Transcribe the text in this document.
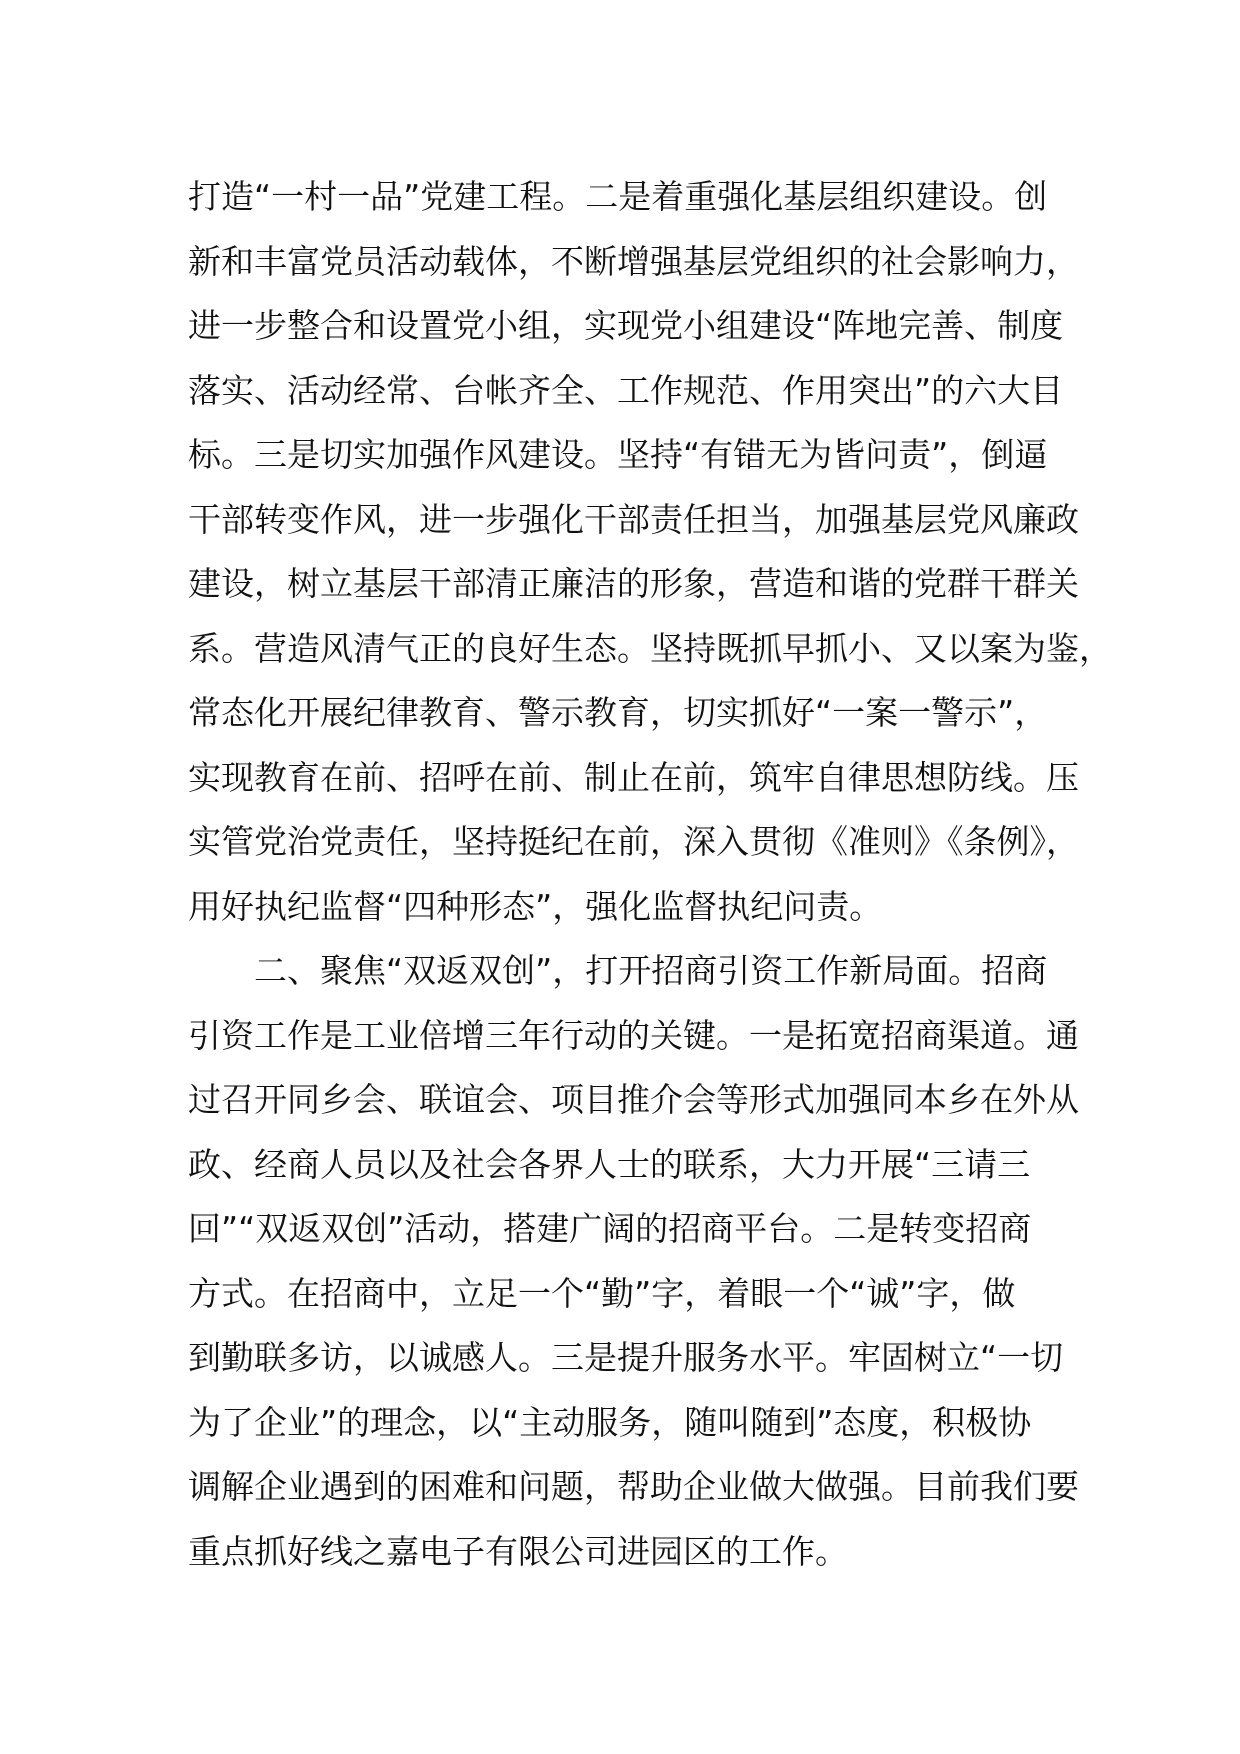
打造“一村一品”党建工程。二是着重强化基层组织建设。创
新和丰富党员活动载体，不断增强基层党组织的社会影响力，
进一步整合和设置党小组，实现党小组建设“阵地完善、制度
落实、活动经常、台帐齐全、工作规范、作用突出”的六大目
标。三是切实加强作风建设。坚持“有错无为皆问责”，倒逼
干部转变作风，进一步强化干部责任担当，加强基层党风廉政
建设，树立基层干部清正廉洁的形象，营造和谐的党群干群关
系。营造风清气正的良好生态。坚持既抓早抓小、又以案为鉴，
常态化开展纪律教育、警示教育，切实抓好“一案一警示”，
实现教育在前、招呼在前、制止在前，筑牢自律思想防线。压
实管党治党责任，坚持挺纪在前，深入贯彻《准则》《条例》，
用好执纪监督“四种形态”，强化监督执纪问责。
　　二、聚焦“双返双创”，打开招商引资工作新局面。招商
引资工作是工业倍增三年行动的关键。一是拓宽招商渠道。通
过召开同乡会、联谊会、项目推介会等形式加强同本乡在外从
政、经商人员以及社会各界人士的联系，大力开展“三请三
回”“双返双创”活动，搭建广阔的招商平台。二是转变招商
方式。在招商中，立足一个“勤”字，着眼一个“诚”字，做
到勤联多访，以诚感人。三是提升服务水平。牢固树立“一切
为了企业”的理念，以“主动服务，随叫随到”态度，积极协
调解企业遇到的困难和问题，帮助企业做大做强。目前我们要
重点抓好线之嘉电子有限公司进园区的工作。
